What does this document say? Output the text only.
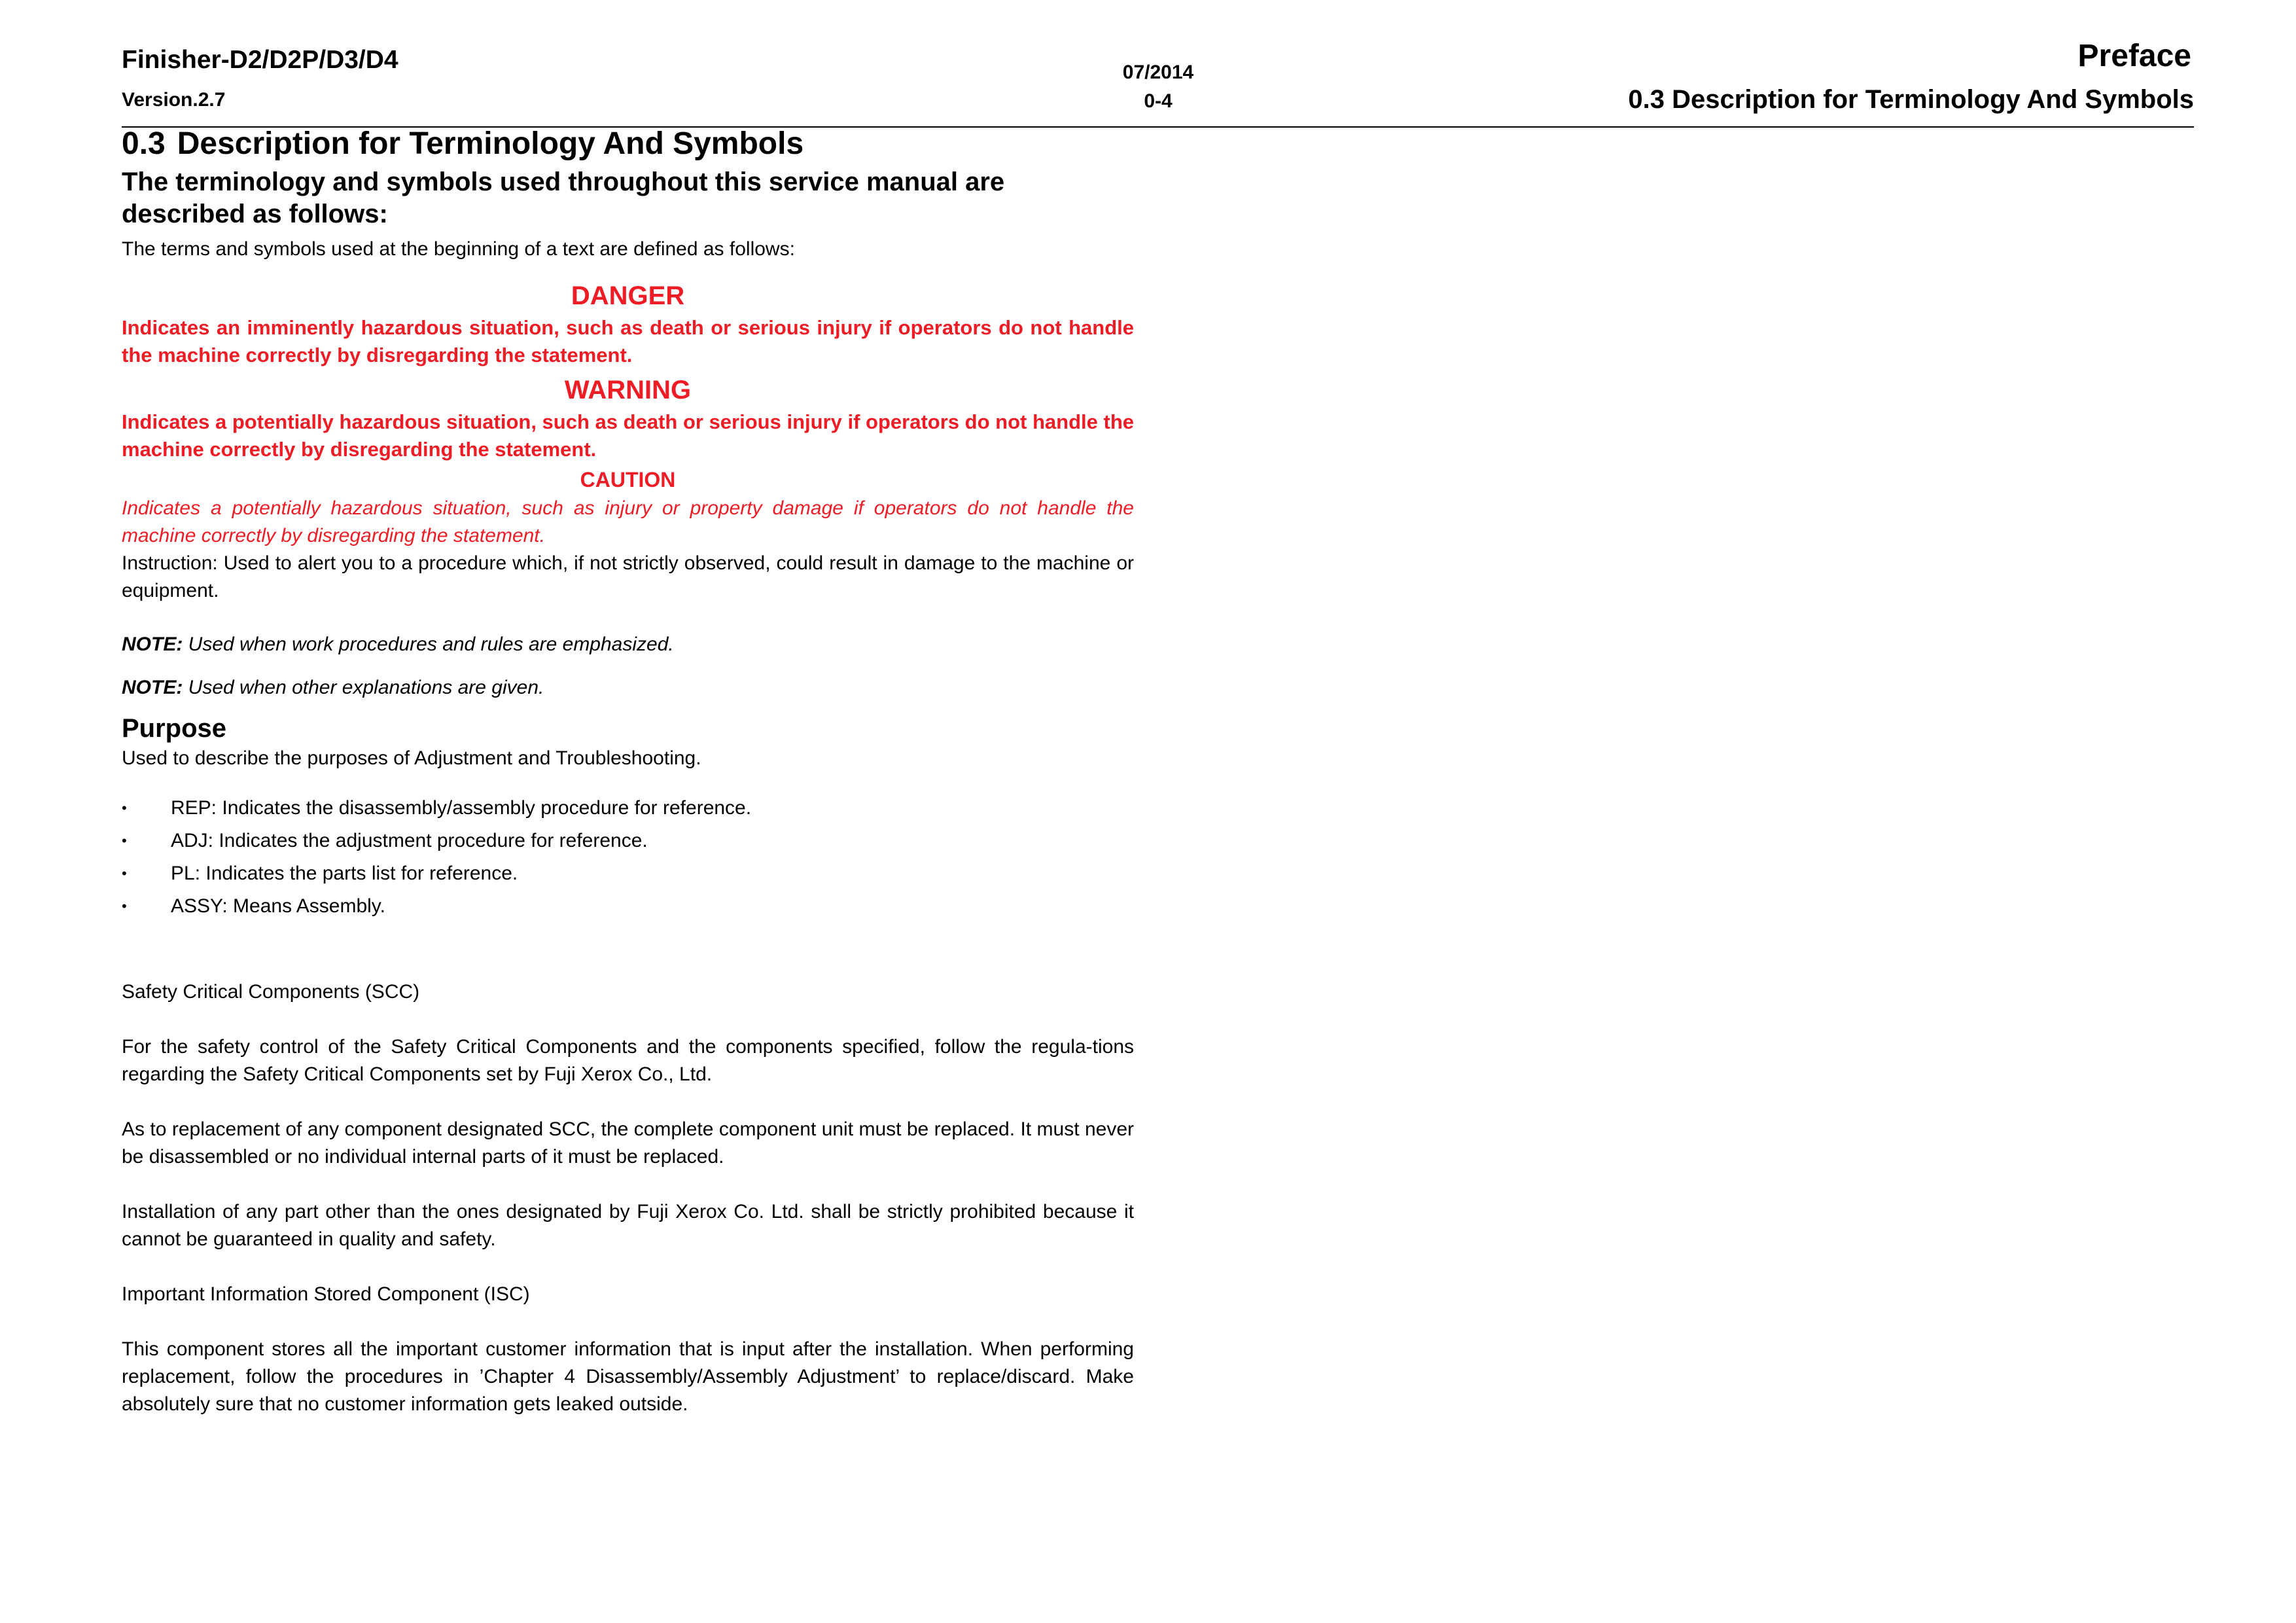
Finisher-D2/D2P/D3/D4
Version.2.7
07/2014
0-4
Preface
0.3 Description for Terminology And Symbols
0.3 Description for Terminology And Symbols
The terminology and symbols used throughout this service manual are described as follows:

The terms and symbols used at the beginning of a text are defined as follows:

DANGER

Indicates an imminently hazardous situation, such as death or serious injury if operators do not handle the machine correctly by disregarding the statement.

WARNING

Indicates a potentially hazardous situation, such as death or serious injury if operators do not handle the machine correctly by disregarding the statement.

CAUTION

Indicates a potentially hazardous situation, such as injury or property damage if operators do not handle the machine correctly by disregarding the statement.

Instruction: Used to alert you to a procedure which, if not strictly observed, could result in damage to the machine or equipment.

NOTE: Used when work procedures and rules are emphasized.

NOTE: Used when other explanations are given.

Purpose

Used to describe the purposes of Adjustment and Troubleshooting.

• REP: Indicates the disassembly/assembly procedure for reference.
• ADJ: Indicates the adjustment procedure for reference.
• PL: Indicates the parts list for reference.
• ASSY: Means Assembly.

Safety Critical Components (SCC)

For the safety control of the Safety Critical Components and the components specified, follow the regula-tions regarding the Safety Critical Components set by Fuji Xerox Co., Ltd.

As to replacement of any component designated SCC, the complete component unit must be replaced. It must never be disassembled or no individual internal parts of it must be replaced.

Installation of any part other than the ones designated by Fuji Xerox Co. Ltd. shall be strictly prohibited because it cannot be guaranteed in quality and safety.

Important Information Stored Component (ISC)

This component stores all the important customer information that is input after the installation. When performing replacement, follow the procedures in ’Chapter 4 Disassembly/Assembly Adjustment’ to replace/discard. Make absolutely sure that no customer information gets leaked outside.
